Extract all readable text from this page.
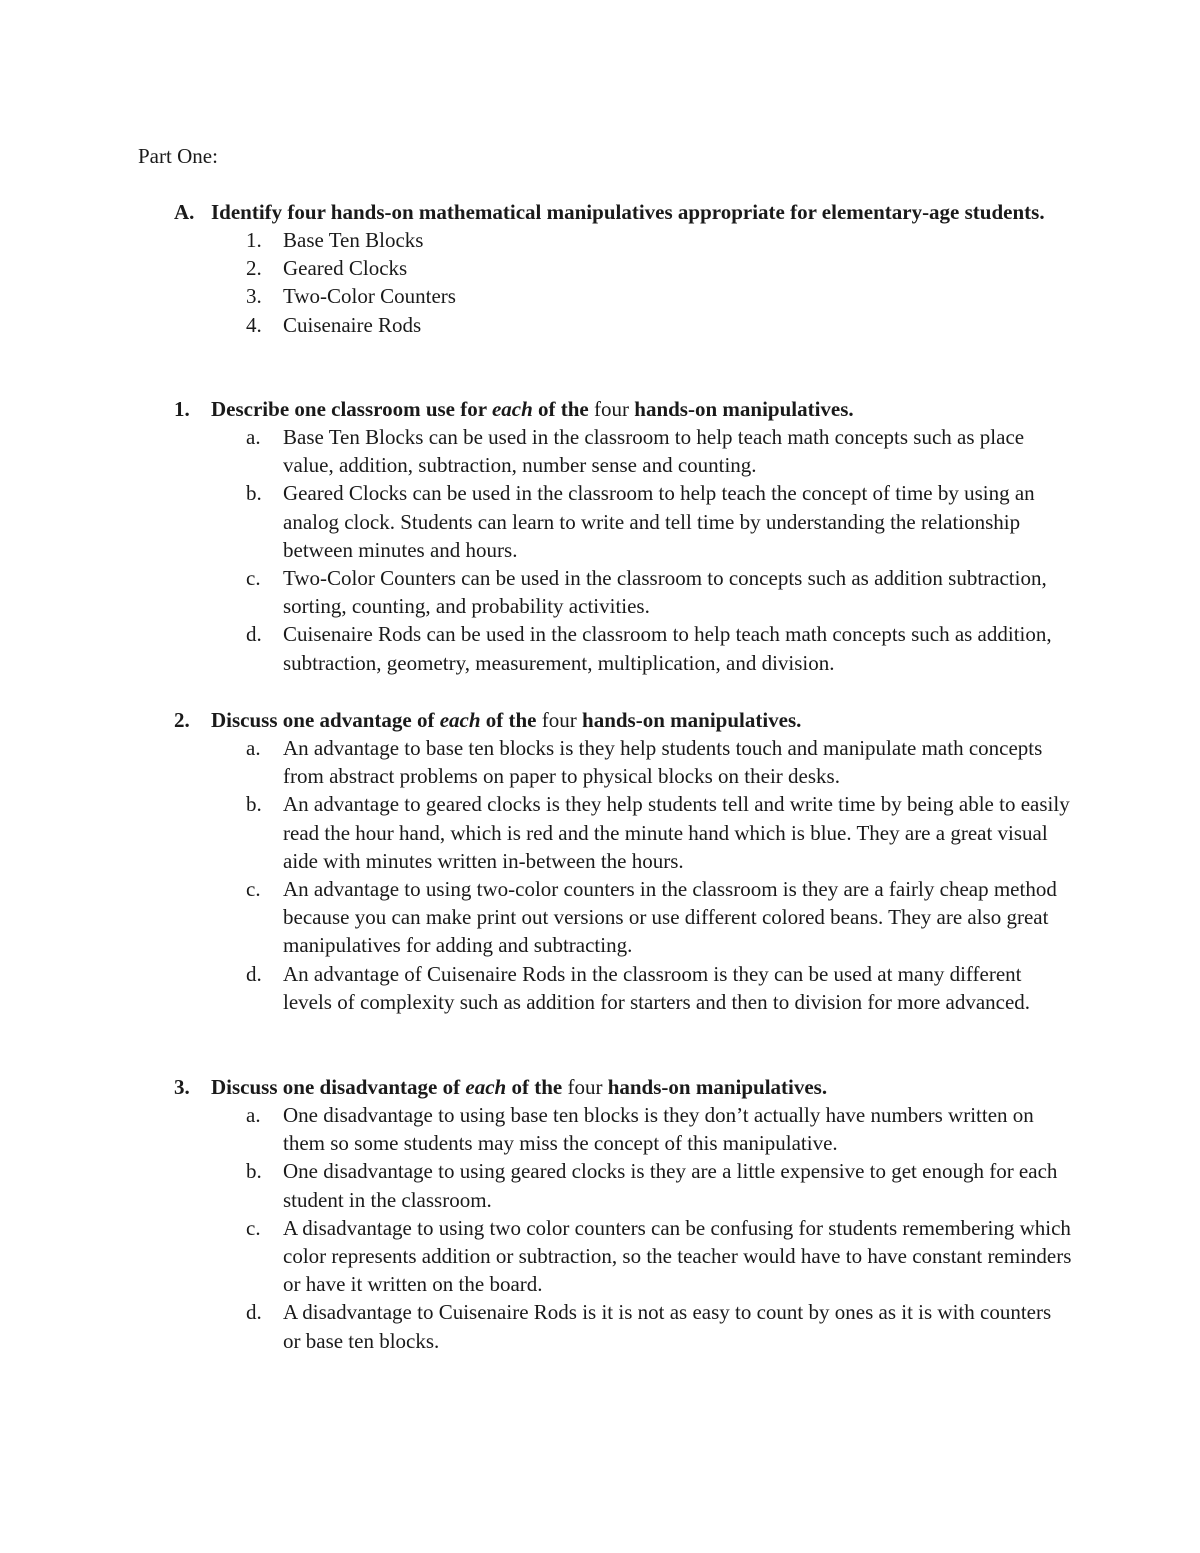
Part One:

A. Identify four hands-on mathematical manipulatives appropriate for elementary-age students.

1. Base Ten Blocks
2. Geared Clocks
3. Two-Color Counters
4. Cuisenaire Rods

1. Describe one classroom use for each of the four hands-on manipulatives.

a. Base Ten Blocks can be used in the classroom to help teach math concepts such as place value, addition, subtraction, number sense and counting.
b. Geared Clocks can be used in the classroom to help teach the concept of time by using an analog clock. Students can learn to write and tell time by understanding the relationship between minutes and hours.
c. Two-Color Counters can be used in the classroom to concepts such as addition subtraction, sorting, counting, and probability activities.
d. Cuisenaire Rods can be used in the classroom to help teach math concepts such as addition, subtraction, geometry, measurement, multiplication, and division.

2. Discuss one advantage of each of the four hands-on manipulatives.

a. An advantage to base ten blocks is they help students touch and manipulate math concepts from abstract problems on paper to physical blocks on their desks.
b. An advantage to geared clocks is they help students tell and write time by being able to easily read the hour hand, which is red and the minute hand which is blue. They are a great visual aide with minutes written in-between the hours.
c. An advantage to using two-color counters in the classroom is they are a fairly cheap method because you can make print out versions or use different colored beans. They are also great manipulatives for adding and subtracting.
d. An advantage of Cuisenaire Rods in the classroom is they can be used at many different levels of complexity such as addition for starters and then to division for more advanced.

3. Discuss one disadvantage of each of the four hands-on manipulatives.

a. One disadvantage to using base ten blocks is they don’t actually have numbers written on them so some students may miss the concept of this manipulative.
b. One disadvantage to using geared clocks is they are a little expensive to get enough for each student in the classroom.
c. A disadvantage to using two color counters can be confusing for students remembering which color represents addition or subtraction, so the teacher would have to have constant reminders or have it written on the board.
d. A disadvantage to Cuisenaire Rods is it is not as easy to count by ones as it is with counters or base ten blocks.
